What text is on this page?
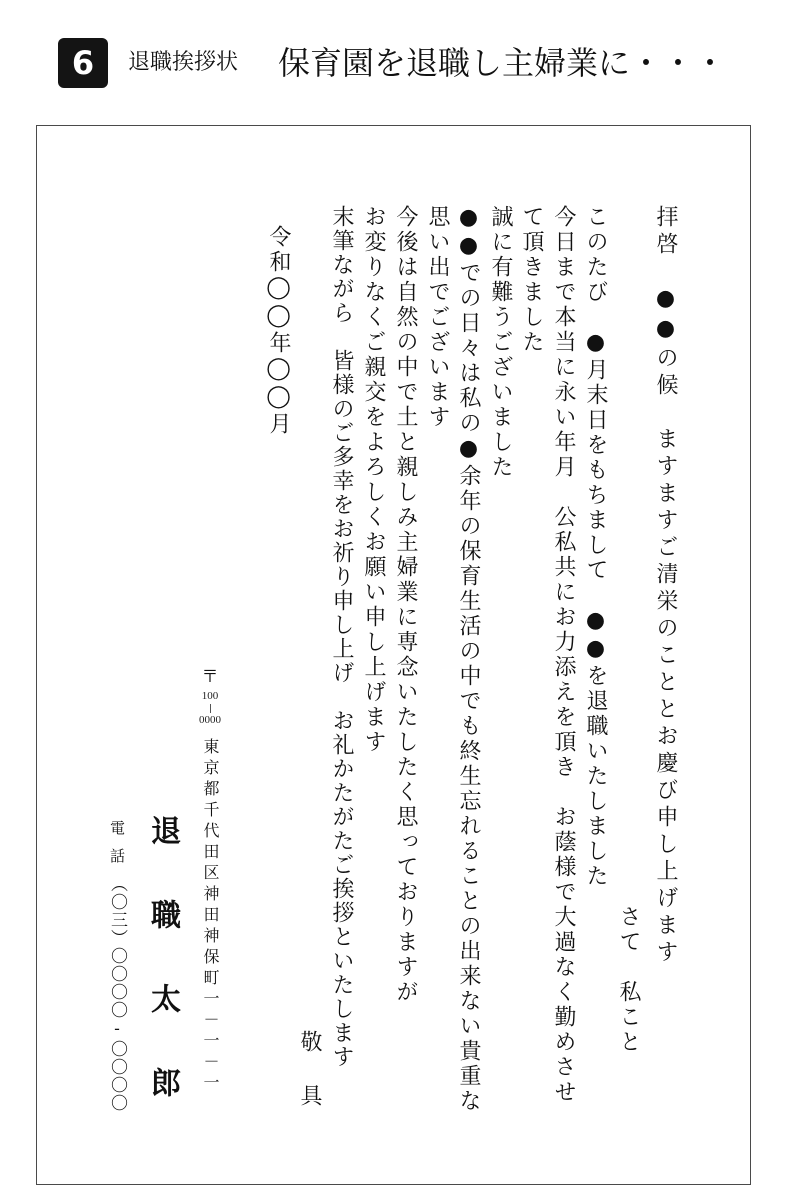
6	退職挨拶状 保育園を退職し主婦業に・・・
拝啓　●●の候　ますますご清栄のこととお慶び申し上げます
さて　私こと
このたび　●月末日をもちまして　●●を退職いたしました
今日まで本当に永い年月　公私共にお力添えを頂き　お蔭様で大過なく勤めさせ
て頂きました
誠に有難うございました
●●での日々は私の●余年の保育生活の中でも終生忘れることの出来ない貴重な
思い出でございます
今後は自然の中で土と親しみ主婦業に専念いたしたく思っておりますが
お変りなくご親交をよろしくお願い申し上げます
末筆ながら　皆様のご多幸をお祈り申し上げ　お礼かたがたご挨拶といたします
敬　具
令和◯◯年◯◯月
〒
100
0000
東京都千代田区神田神保町一－一－一
退　職　太　郎
電話
（〇三）〇〇〇〇-〇〇〇〇
